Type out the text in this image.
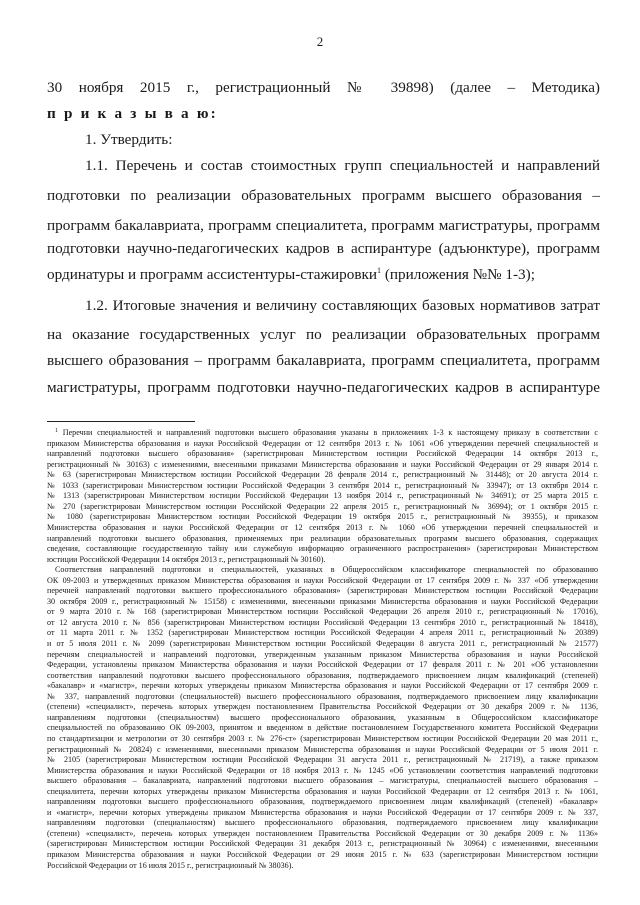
2
30 ноября 2015 г., регистрационный № 39898) (далее – Методика)
п р и к а з ы в а ю:
1. Утвердить:
1.1. Перечень и состав стоимостных групп специальностей и направлений
подготовки по реализации образовательных программ высшего образования –
программ бакалавриата, программ специалитета, программ магистратуры, программ
подготовки научно-педагогических кадров в аспирантуре (адъюнктуре), программ
ординатуры и программ ассистентуры-стажировки$^1$ (приложения №№ 1-3);
1.2. Итоговые значения и величину составляющих базовых нормативов затрат
на оказание государственных услуг по реализации образовательных программ
высшего образования – программ бакалавриата, программ специалитета, программ
магистратуры, программ подготовки научно-педагогических кадров в аспирантуре
$^1$ Перечни специальностей и направлений подготовки высшего образования указаны в приложениях 1-3 к настоящему приказу в соответствии с
приказом Министерства образования и науки Российской Федерации от 12 сентября 2013 г. № 1061 «Об утверждении перечней специальностей и
направлений подготовки высшего образования» (зарегистрирован Министерством юстиции Российской Федерации 14 октября 2013 г.,
регистрационный № 30163) с изменениями, внесенными приказами Министерства образования и науки Российской Федерации от 29 января 2014 г.
№ 63 (зарегистрирован Министерством юстиции Российской Федерации 28 февраля 2014 г., регистрационный № 31448); от 20 августа 2014 г.
№ 1033 (зарегистрирован Министерством юстиции Российской Федерации 3 сентября 2014 г., регистрационный № 33947); от 13 октября 2014 г.
№ 1313 (зарегистрирован Министерством юстиции Российской Федерации 13 ноября 2014 г., регистрационный № 34691); от 25 марта 2015 г.
№ 270 (зарегистрирован Министерством юстиции Российской Федерации 22 апреля 2015 г., регистрационный № 36994); от 1 октября 2015 г.
№ 1080 (зарегистрирован Министерством юстиции Российской Федерации 19 октября 2015 г., регистрационный № 39355), и приказом
Министерства образования и науки Российской Федерации от 12 сентября 2013 г. № 1060 «Об утверждении перечней специальностей и
направлений подготовки высшего образования, применяемых при реализации образовательных программ высшего образования, содержащих
сведения, составляющие государственную тайну или служебную информацию ограниченного распространения» (зарегистрирован Министерством
юстиции Российской Федерации 14 октября 2013 г., регистрационный № 30160).
Соответствия направлений подготовки и специальностей, указанных в Общероссийском классификаторе специальностей по образованию
ОК 09-2003 и утвержденных приказом Министерства образования и науки Российской Федерации от 17 сентября 2009 г. № 337 «Об утверждении
перечней направлений подготовки высшего профессионального образования» (зарегистрирован Министерством юстиции Российской Федерации
30 октября 2009 г., регистрационный № 15158) с изменениями, внесенными приказами Министерства образования и науки Российской Федерации
от 9 марта 2010 г. № 168 (зарегистрирован Министерством юстиции Российской Федерации 26 апреля 2010 г., регистрационный № 17016),
от 12 августа 2010 г. № 856 (зарегистрирован Министерством юстиции Российской Федерации 13 сентября 2010 г., регистрационный № 18418),
от 11 марта 2011 г. № 1352 (зарегистрирован Министерством юстиции Российской Федерации 4 апреля 2011 г., регистрационный № 20389)
и от 5 июля 2011 г. № 2099 (зарегистрирован Министерством юстиции Российской Федерации 8 августа 2011 г., регистрационный № 21577)
перечням специальностей и направлений подготовки, утвержденным указанным приказом Министерства образования и науки Российской
Федерации, установлены приказом Министерства образования и науки Российской Федерации от 17 февраля 2011 г. № 201 «Об установлении
соответствия направлений подготовки высшего профессионального образования, подтверждаемого присвоением лицам квалификаций (степеней)
«бакалавр» и «магистр», перечни которых утверждены приказом Министерства образования и науки Российской Федерации от 17 сентября 2009 г.
№ 337, направлений подготовки (специальностей) высшего профессионального образования, подтверждаемого присвоением лицу квалификации
(степени) «специалист», перечень которых утвержден постановлением Правительства Российской Федерации от 30 декабря 2009 г. № 1136,
направлениям подготовки (специальностям) высшего профессионального образования, указанным в Общероссийском классификаторе
специальностей по образованию ОК 09-2003, принятом и введенном в действие постановлением Государственного комитета Российской Федерации
по стандартизации и метрологии от 30 сентября 2003 г. № 276-ст» (зарегистрирован Министерством юстиции Российской Федерации 20 мая 2011 г.,
регистрационный № 20824) с изменениями, внесенными приказом Министерства образования и науки Российской Федерации от 5 июля 2011 г.
№ 2105 (зарегистрирован Министерством юстиции Российской Федерации 31 августа 2011 г., регистрационный № 21719), а также приказом
Министерства образования и науки Российской Федерации от 18 ноября 2013 г. № 1245 «Об установлении соответствия направлений подготовки
высшего образования – бакалавриата, направлений подготовки высшего образования – магистратуры, специальностей высшего образования –
специалитета, перечни которых утверждены приказом Министерства образования и науки Российской Федерации от 12 сентября 2013 г. № 1061,
направлениям подготовки высшего профессионального образования, подтверждаемого присвоением лицам квалификаций (степеней) «бакалавр»
и «магистр», перечни которых утверждены приказом Министерства образования и науки Российской Федерации от 17 сентября 2009 г. № 337,
направлениям подготовки (специальностям) высшего профессионального образования, подтверждаемого присвоением лицу квалификации
(степени) «специалист», перечень которых утвержден постановлением Правительства Российской Федерации от 30 декабря 2009 г. № 1136»
(зарегистрирован Министерством юстиции Российской Федерации 31 декабря 2013 г., регистрационный № 30964) с изменениями, внесенными
приказом Министерства образования и науки Российской Федерации от 29 июня 2015 г. № 633 (зарегистрирован Министерством юстиции
Российской Федерации от 16 июля 2015 г., регистрационный № 38036).
